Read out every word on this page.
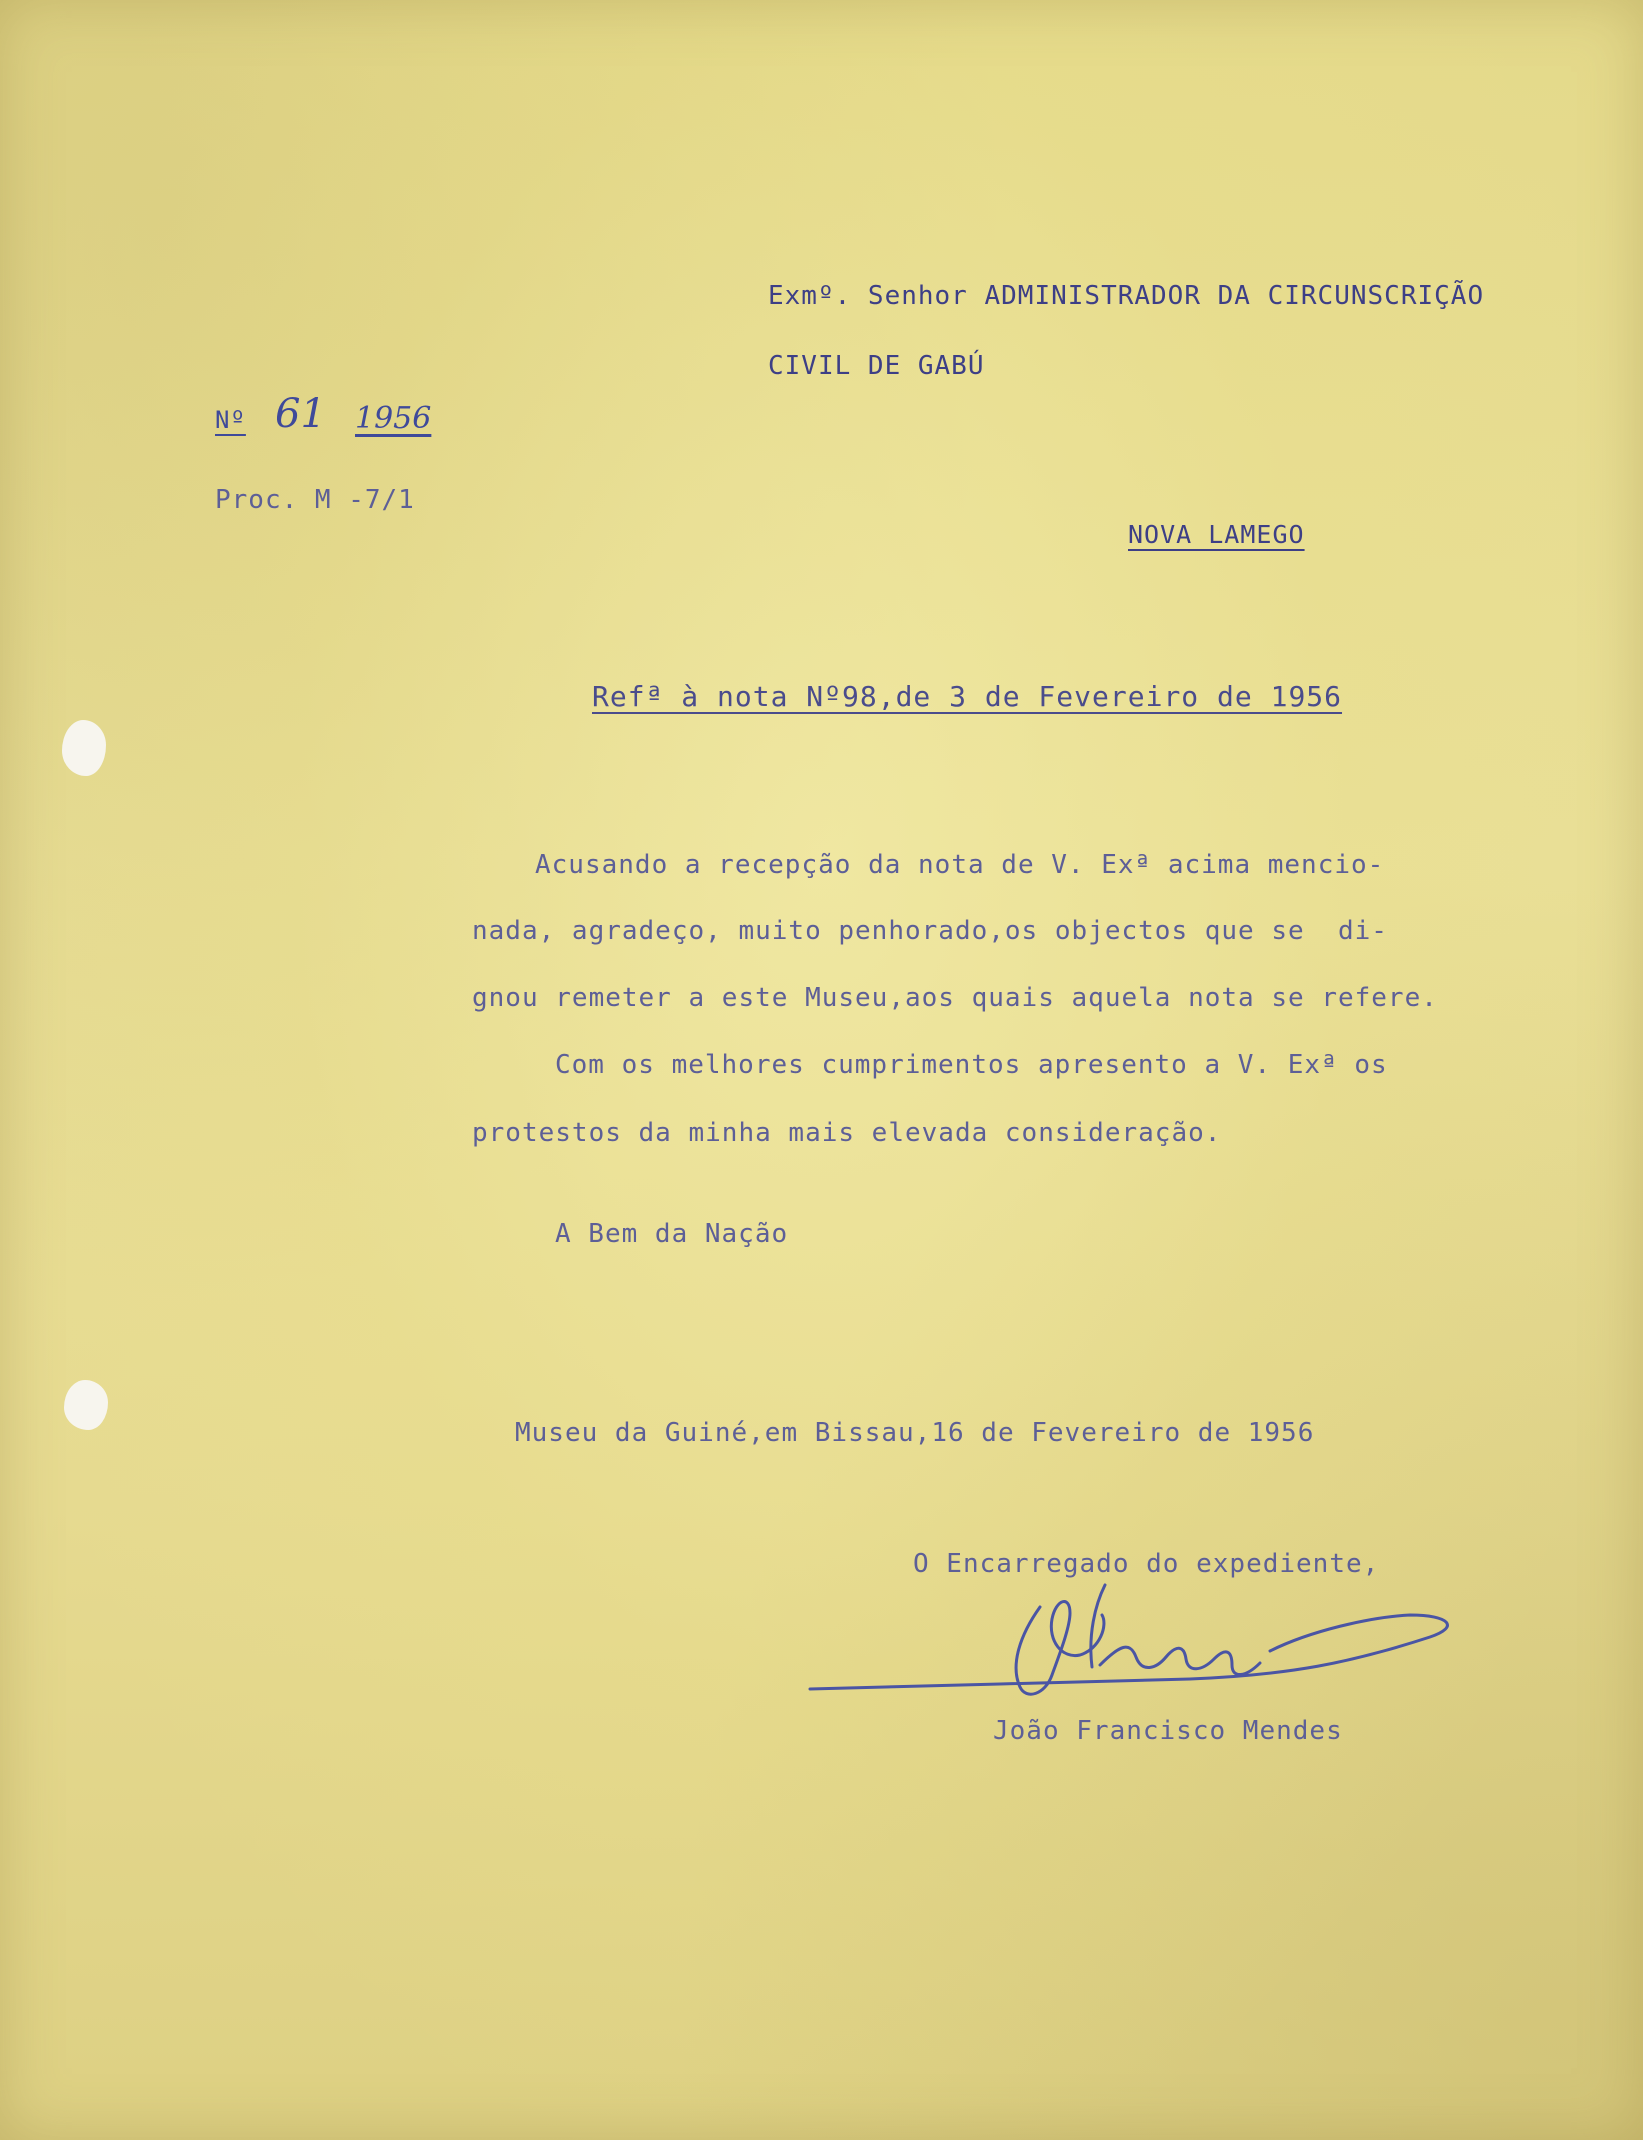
Exmº. Senhor ADMINISTRADOR DA CIRCUNSCRIÇÃO
CIVIL DE GABÚ
Nº 61 1956
Proc. M -7/1
NOVA LAMEGO
Refª à nota Nº98,de 3 de Fevereiro de 1956
Acusando a recepção da nota de V. Exª acima mencio-
nada, agradeço, muito penhorado,os objectos que se  di-
gnou remeter a este Museu,aos quais aquela nota se refere.
Com os melhores cumprimentos apresento a V. Exª os
protestos da minha mais elevada consideração.
A Bem da Nação
Museu da Guiné,em Bissau,16 de Fevereiro de 1956
O Encarregado do expediente,
João Francisco Mendes
